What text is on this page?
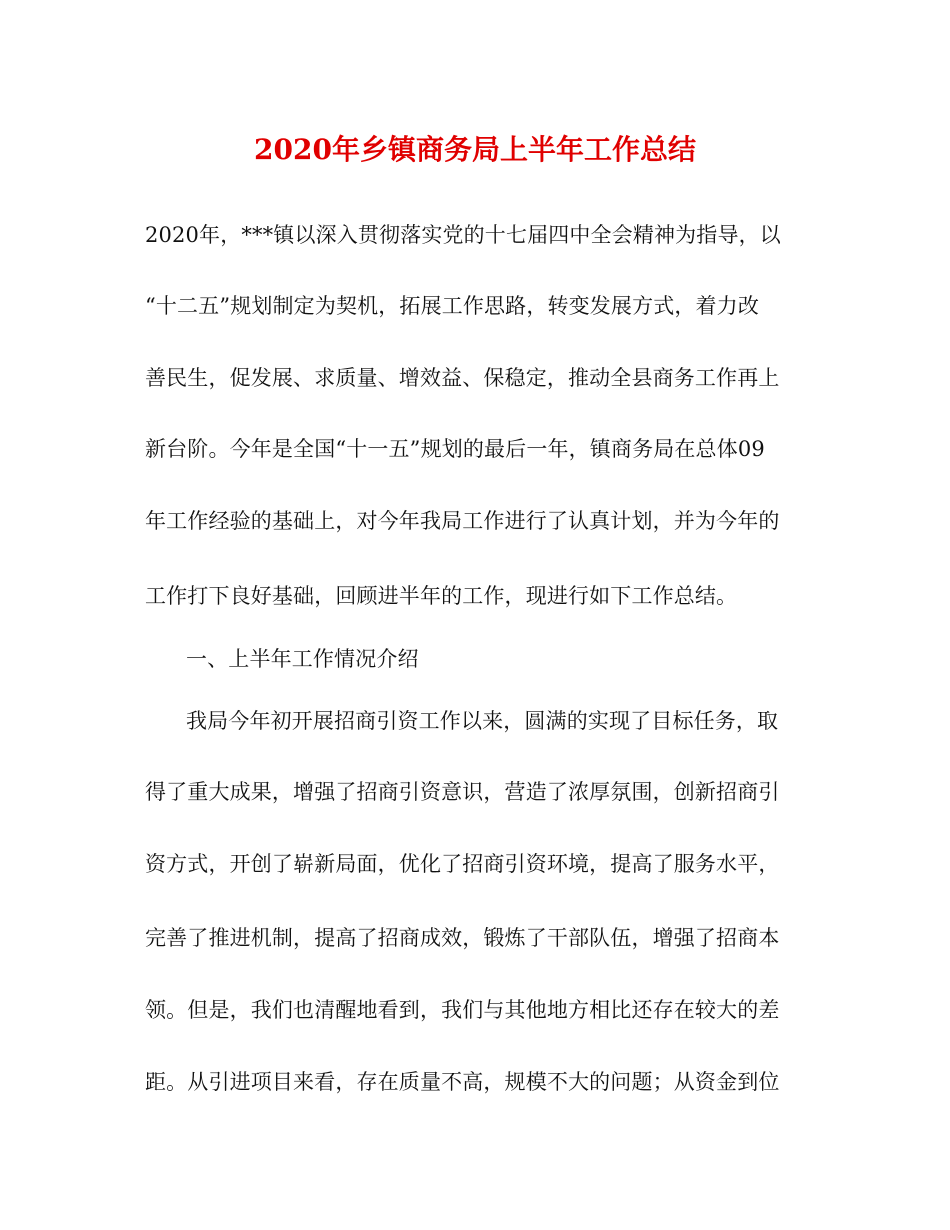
2020年乡镇商务局上半年工作总结
2020年，***镇以深入贯彻落实党的十七届四中全会精神为指导，以
“十二五”规划制定为契机，拓展工作思路，转变发展方式，着力改
善民生，促发展、求质量、增效益、保稳定，推动全县商务工作再上
新台阶。今年是全国“十一五”规划的最后一年，镇商务局在总体09
年工作经验的基础上，对今年我局工作进行了认真计划，并为今年的
工作打下良好基础，回顾进半年的工作，现进行如下工作总结。
一、上半年工作情况介绍
我局今年初开展招商引资工作以来，圆满的实现了目标任务，取
得了重大成果，增强了招商引资意识，营造了浓厚氛围，创新招商引
资方式，开创了崭新局面，优化了招商引资环境，提高了服务水平，
完善了推进机制，提高了招商成效，锻炼了干部队伍，增强了招商本
领。但是，我们也清醒地看到，我们与其他地方相比还存在较大的差
距。从引进项目来看，存在质量不高，规模不大的问题；从资金到位
